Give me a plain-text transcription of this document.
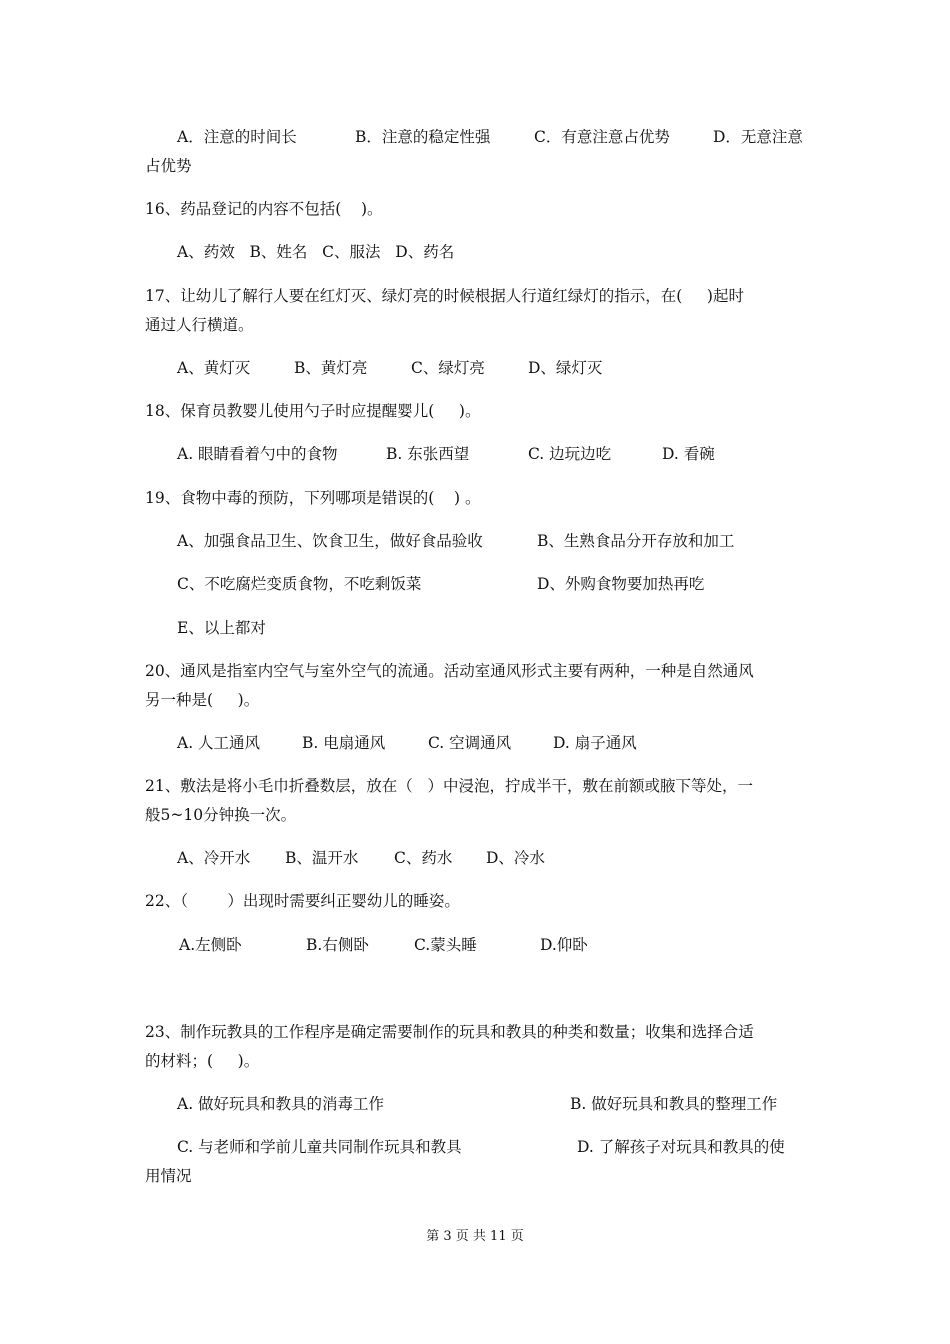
A．注意的时间长	B．注意的稳定性强	C．有意注意占优势	D．无意注意
占优势
16、药品登记的内容不包括(    )。
A、药效   B、姓名   C、服法   D、药名
17、让幼儿了解行人要在红灯灭、绿灯亮的时候根据人行道红绿灯的指示，在(     )起时
通过人行横道。
A、黄灯灭	B、黄灯亮	C、绿灯亮	D、绿灯灭
18、保育员教婴儿使用勺子时应提醒婴儿(     )。
A. 眼睛看着勺中的食物	B. 东张西望	C. 边玩边吃	D. 看碗
19、食物中毒的预防，下列哪项是错误的(    ) 。
A、加强食品卫生、饮食卫生，做好食品验收	B、生熟食品分开存放和加工
C、不吃腐烂变质食物，不吃剩饭菜	D、外购食物要加热再吃
E、以上都对
20、通风是指室内空气与室外空气的流通。活动室通风形式主要有两种，一种是自然通风
另一种是(     )。
A. 人工通风	B. 电扇通风	C. 空调通风	D. 扇子通风
21、敷法是将小毛巾折叠数层，放在（   ）中浸泡，拧成半干，敷在前额或腋下等处，一
般5~10分钟换一次。
A、冷开水 B、温开水 C、药水 D、冷水
22、（        ）出现时需要纠正婴幼儿的睡姿。
A.左侧卧	B.右侧卧	C.蒙头睡	D.仰卧
23、制作玩教具的工作程序是确定需要制作的玩具和教具的种类和数量；收集和选择合适
的材料；(     )。
A. 做好玩具和教具的消毒工作	B. 做好玩具和教具的整理工作
C. 与老师和学前儿童共同制作玩具和教具	D. 了解孩子对玩具和教具的使
用情况
第 3 页 共 11 页
